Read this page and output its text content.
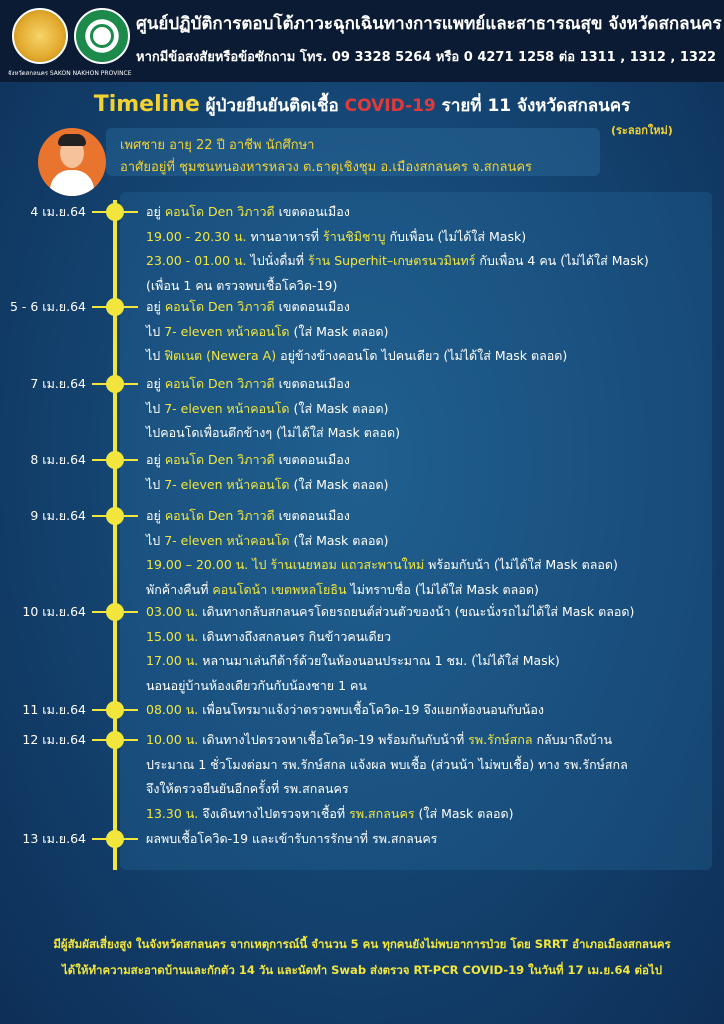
จังหวัดสกลนคร SAKON NAKHON PROVINCE
ศูนย์ปฏิบัติการตอบโต้ภาวะฉุกเฉินทางการแพทย์และสาธารณสุข จังหวัดสกลนคร
หากมีข้อสงสัยหรือข้อซักถาม โทร. 09 3328 5264 หรือ 0 4271 1258 ต่อ 1311 , 1312 , 1322
Timeline ผู้ป่วยยืนยันติดเชื้อ COVID-19 รายที่ 11 จังหวัดสกลนคร
(ระลอกใหม่)
เพศชาย อายุ 22 ปี อาชีพ นักศึกษา
อาศัยอยู่ที่ ชุมชนหนองหารหลวง ต.ธาตุเชิงชุม อ.เมืองสกลนคร จ.สกลนคร
4 เม.ย.64	อยู่ คอนโด Den วิภาวดี เขตดอนเมือง
19.00 - 20.30 น. ทานอาหารที่ ร้านชิมิชาบู กับเพื่อน (ไม่ได้ใส่ Mask)
23.00 - 01.00 น. ไปนั่งดื่มที่ ร้าน Superhit–เกษตรนวมินทร์ กับเพื่อน 4 คน (ไม่ได้ใส่ Mask)
(เพื่อน 1 คน ตรวจพบเชื้อโควิด-19)
5 - 6 เม.ย.64	อยู่ คอนโด Den วิภาวดี เขตดอนเมือง
ไป 7- eleven หน้าคอนโด (ใส่ Mask ตลอด)
ไป ฟิตเนต (Newera A) อยู่ข้างข้างคอนโด ไปคนเดียว (ไม่ได้ใส่ Mask ตลอด)
7 เม.ย.64	อยู่ คอนโด Den วิภาวดี เขตดอนเมือง
ไป 7- eleven หน้าคอนโด (ใส่ Mask ตลอด)
ไปคอนโดเพื่อนตึกข้างๆ (ไม่ได้ใส่ Mask ตลอด)
8 เม.ย.64	อยู่ คอนโด Den วิภาวดี เขตดอนเมือง
ไป 7- eleven หน้าคอนโด (ใส่ Mask ตลอด)
9 เม.ย.64	อยู่ คอนโด Den วิภาวดี เขตดอนเมือง
ไป 7- eleven หน้าคอนโด (ใส่ Mask ตลอด)
19.00 – 20.00 น. ไป ร้านเนยหอม แถวสะพานใหม่ พร้อมกับน้า (ไม่ได้ใส่ Mask ตลอด)
พักค้างคืนที่ คอนโดน้า เขตพหลโยธิน ไม่ทราบชื่อ (ไม่ได้ใส่ Mask ตลอด)
10 เม.ย.64	03.00 น. เดินทางกลับสกลนครโดยรถยนต์ส่วนตัวของน้า (ขณะนั่งรถไม่ได้ใส่ Mask ตลอด)
15.00 น. เดินทางถึงสกลนคร กินข้าวคนเดียว
17.00 น. หลานมาเล่นกีต้าร์ด้วยในห้องนอนประมาณ 1 ชม. (ไม่ได้ใส่ Mask)
นอนอยู่บ้านห้องเดียวกันกับน้องชาย 1 คน
11 เม.ย.64	08.00 น. เพื่อนโทรมาแจ้งว่าตรวจพบเชื้อโควิด-19 จึงแยกห้องนอนกับน้อง
12 เม.ย.64	10.00 น. เดินทางไปตรวจหาเชื้อโควิด-19 พร้อมกันกับน้าที่ รพ.รักษ์สกล กลับมาถึงบ้าน
ประมาณ 1 ชั่วโมงต่อมา รพ.รักษ์สกล แจ้งผล พบเชื้อ (ส่วนน้า ไม่พบเชื้อ) ทาง รพ.รักษ์สกล
จึงให้ตรวจยืนยันอีกครั้งที่ รพ.สกลนคร
13.30 น. จึงเดินทางไปตรวจหาเชื้อที่ รพ.สกลนคร (ใส่ Mask ตลอด)
13 เม.ย.64	ผลพบเชื้อโควิด-19 และเข้ารับการรักษาที่ รพ.สกลนคร
มีผู้สัมผัสเสี่ยงสูง ในจังหวัดสกลนคร จากเหตุการณ์นี้ จำนวน 5 คน ทุกคนยังไม่พบอาการป่วย โดย SRRT อำเภอเมืองสกลนคร
ได้ให้ทำความสะอาดบ้านและกักตัว 14 วัน และนัดทำ Swab ส่งตรวจ RT-PCR COVID-19 ในวันที่ 17 เม.ย.64 ต่อไป
